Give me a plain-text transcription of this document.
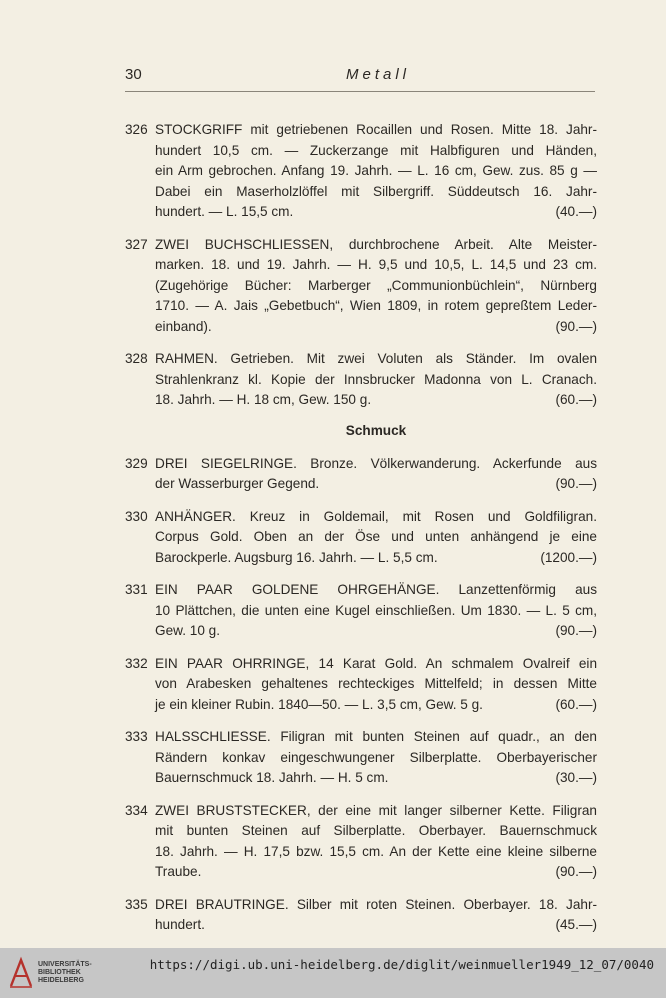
30	Metall
326 STOCKGRIFF mit getriebenen Rocaillen und Rosen. Mitte 18. Jahr-
hundert 10,5 cm. — Zuckerzange mit Halbfiguren und Händen,
ein Arm gebrochen. Anfang 19. Jahrh. — L. 16 cm, Gew. zus. 85 g —
Dabei ein Maserholzlöffel mit Silbergriff. Süddeutsch 16. Jahr-
hundert. — L. 15,5 cm.	(40.—)
327 ZWEI BUCHSCHLIESSEN, durchbrochene Arbeit. Alte Meister-
marken. 18. und 19. Jahrh. — H. 9,5 und 10,5, L. 14,5 und 23 cm.
(Zugehörige Bücher: Marberger „Communionbüchlein“, Nürnberg
1710. — A. Jais „Gebetbuch“, Wien 1809, in rotem gepreßtem Leder-
einband).	(90.—)
328 RAHMEN. Getrieben. Mit zwei Voluten als Ständer. Im ovalen
Strahlenkranz kl. Kopie der Innsbrucker Madonna von L. Cranach.
18. Jahrh. — H. 18 cm, Gew. 150 g.	(60.—)
Schmuck
329 DREI SIEGELRINGE. Bronze. Völkerwanderung. Ackerfunde aus
der Wasserburger Gegend.	(90.—)
330 ANHÄNGER. Kreuz in Goldemail, mit Rosen und Goldfiligran.
Corpus Gold. Oben an der Öse und unten anhängend je eine
Barockperle. Augsburg 16. Jahrh. — L. 5,5 cm.	(1200.—)
331 EIN PAAR GOLDENE OHRGEHÄNGE. Lanzettenförmig aus
10 Plättchen, die unten eine Kugel einschließen. Um 1830. — L. 5 cm,
Gew. 10 g.	(90.—)
332 EIN PAAR OHRRINGE, 14 Karat Gold. An schmalem Ovalreif ein
von Arabesken gehaltenes rechteckiges Mittelfeld; in dessen Mitte
je ein kleiner Rubin. 1840—50. — L. 3,5 cm, Gew. 5 g.	(60.—)
333 HALSSCHLIESSE. Filigran mit bunten Steinen auf quadr., an den
Rändern konkav eingeschwungener Silberplatte. Oberbayerischer
Bauernschmuck 18. Jahrh. — H. 5 cm.	(30.—)
334 ZWEI BRUSTSTECKER, der eine mit langer silberner Kette. Filigran
mit bunten Steinen auf Silberplatte. Oberbayer. Bauernschmuck
18. Jahrh. — H. 17,5 bzw. 15,5 cm. An der Kette eine kleine silberne
Traube.	(90.—)
335 DREI BRAUTRINGE. Silber mit roten Steinen. Oberbayer. 18. Jahr-
hundert.	(45.—)
UNIVERSITÄTS-
BIBLIOTHEK
HEIDELBERG
https://digi.ub.uni-heidelberg.de/diglit/weinmueller1949_12_07/0040
